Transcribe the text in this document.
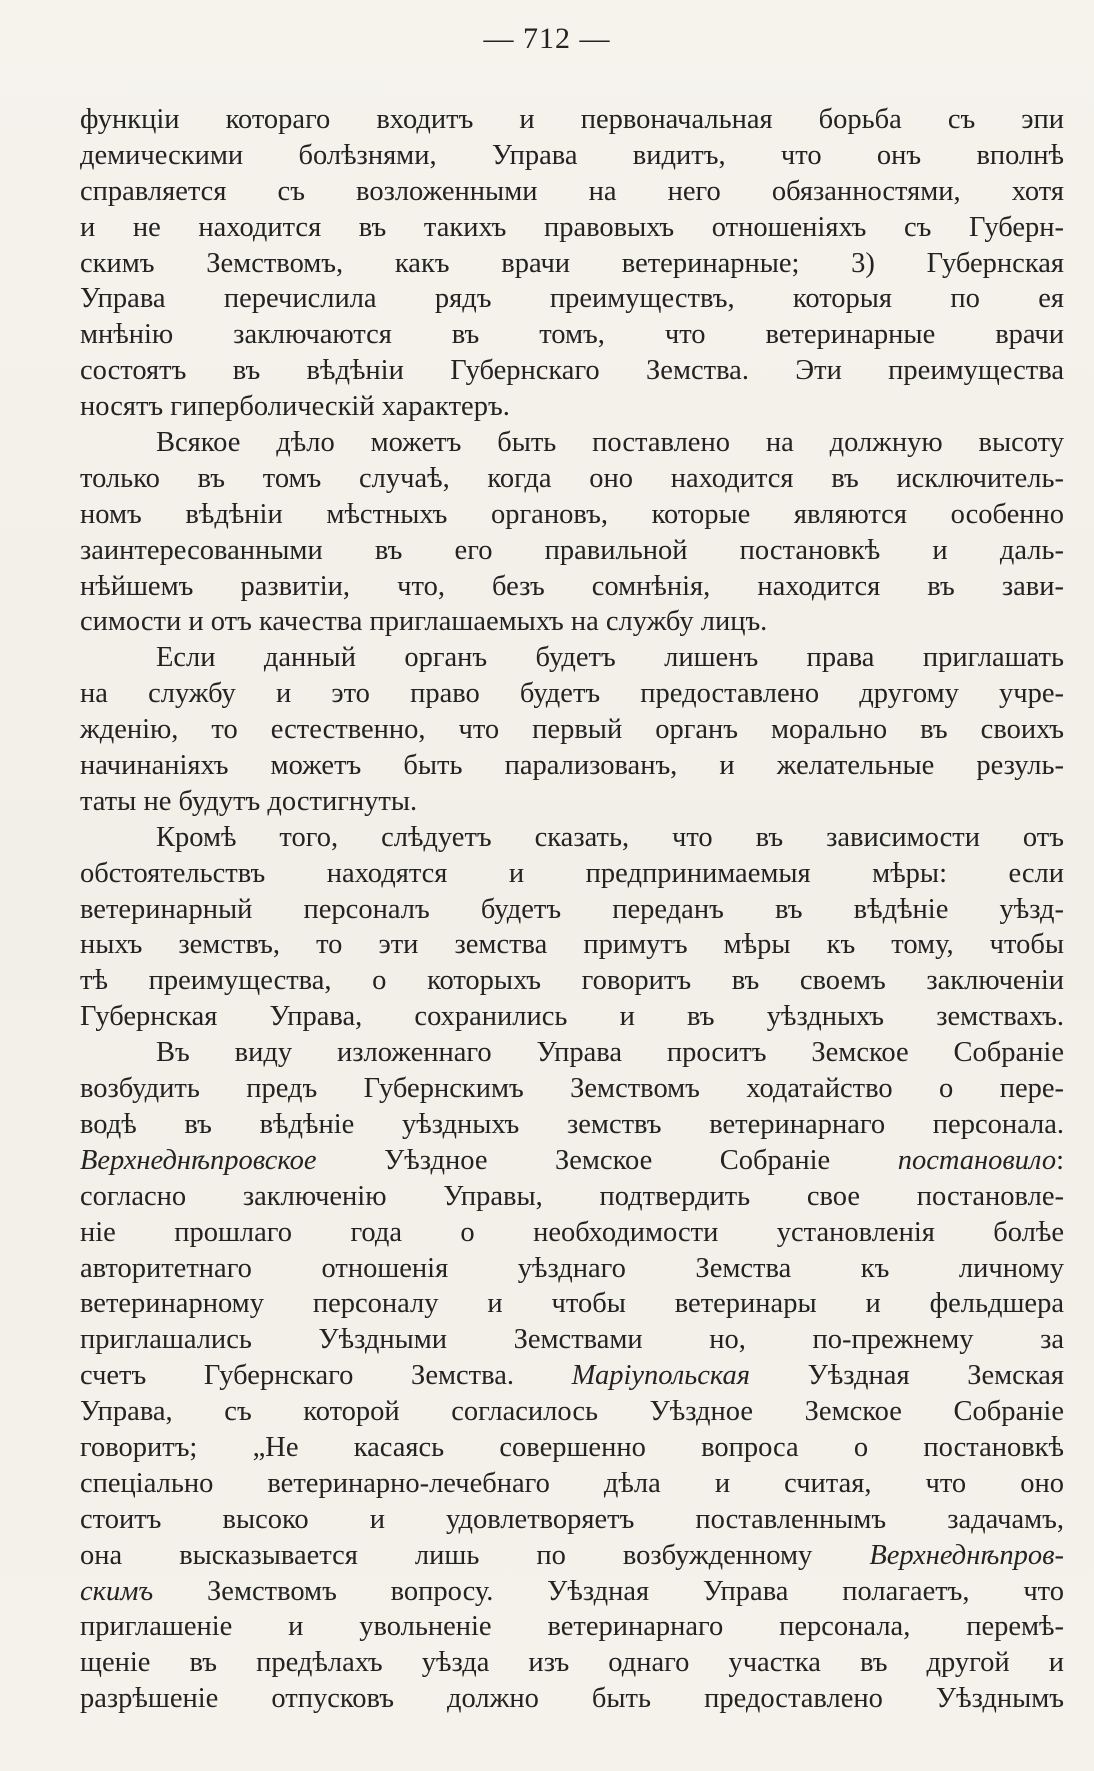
— 712 —
функціи котораго входитъ и первоначальная борьба съ эпи
демическими болѣзнями, Управа видитъ, что онъ вполнѣ
справляется съ возложенными на него обязанностями, хотя
и не находится въ такихъ правовыхъ отношеніяхъ съ Губерн-
скимъ Земствомъ, какъ врачи ветеринарные; 3) Губернская
Управа перечислила рядъ преимуществъ, которыя по ея
мнѣнію заключаются въ томъ, что ветеринарные врачи
состоятъ въ вѣдѣніи Губернскаго Земства. Эти преимущества
носятъ гиперболическій характеръ.
Всякое дѣло можетъ быть поставлено на должную высоту
только въ томъ случаѣ, когда оно находится въ исключитель-
номъ вѣдѣніи мѣстныхъ органовъ, которые являются особенно
заинтересованными въ его правильной постановкѣ и даль-
нѣйшемъ развитіи, что, безъ сомнѣнія, находится въ зави-
симости и отъ качества приглашаемыхъ на службу лицъ.
Если данный органъ будетъ лишенъ права приглашать
на службу и это право будетъ предоставлено другому учре-
жденію, то естественно, что первый органъ морально въ своихъ
начинаніяхъ можетъ быть парализованъ, и желательные резуль-
таты не будутъ достигнуты.
Кромѣ того, слѣдуетъ сказать, что въ зависимости отъ
обстоятельствъ находятся и предпринимаемыя мѣры: если
ветеринарный персоналъ будетъ переданъ въ вѣдѣніе уѣзд-
ныхъ земствъ, то эти земства примутъ мѣры къ тому, чтобы
тѣ преимущества, о которыхъ говоритъ въ своемъ заключеніи
Губернская Управа, сохранились и въ уѣздныхъ земствахъ.
Въ виду изложеннаго Управа проситъ Земское Собраніе
возбудить предъ Губернскимъ Земствомъ ходатайство о пере-
водѣ въ вѣдѣніе уѣздныхъ земствъ ветеринарнаго персонала.
Верхнеднѣпровское Уѣздное Земское Собраніе постановило:
согласно заключенію Управы, подтвердить свое постановле-
ніе прошлаго года о необходимости установленія болѣе
авторитетнаго отношенія уѣзднаго Земства къ личному
ветеринарному персоналу и чтобы ветеринары и фельдшера
приглашались Уѣздными Земствами но, по-прежнему за
счетъ Губернскаго Земства. Маріупольская Уѣздная Земская
Управа, съ которой согласилось Уѣздное Земское Собраніе
говоритъ; „Не касаясь совершенно вопроса о постановкѣ
спеціально ветеринарно-лечебнаго дѣла и считая, что оно
стоитъ высоко и удовлетворяетъ поставленнымъ задачамъ,
она высказывается лишь по возбужденному Верхнеднѣпров-
скимъ Земствомъ вопросу. Уѣздная Управа полагаетъ, что
приглашеніе и увольненіе ветеринарнаго персонала, перемѣ-
щеніе въ предѣлахъ уѣзда изъ однаго участка въ другой и
разрѣшеніе отпусковъ должно быть предоставлено Уѣзднымъ
